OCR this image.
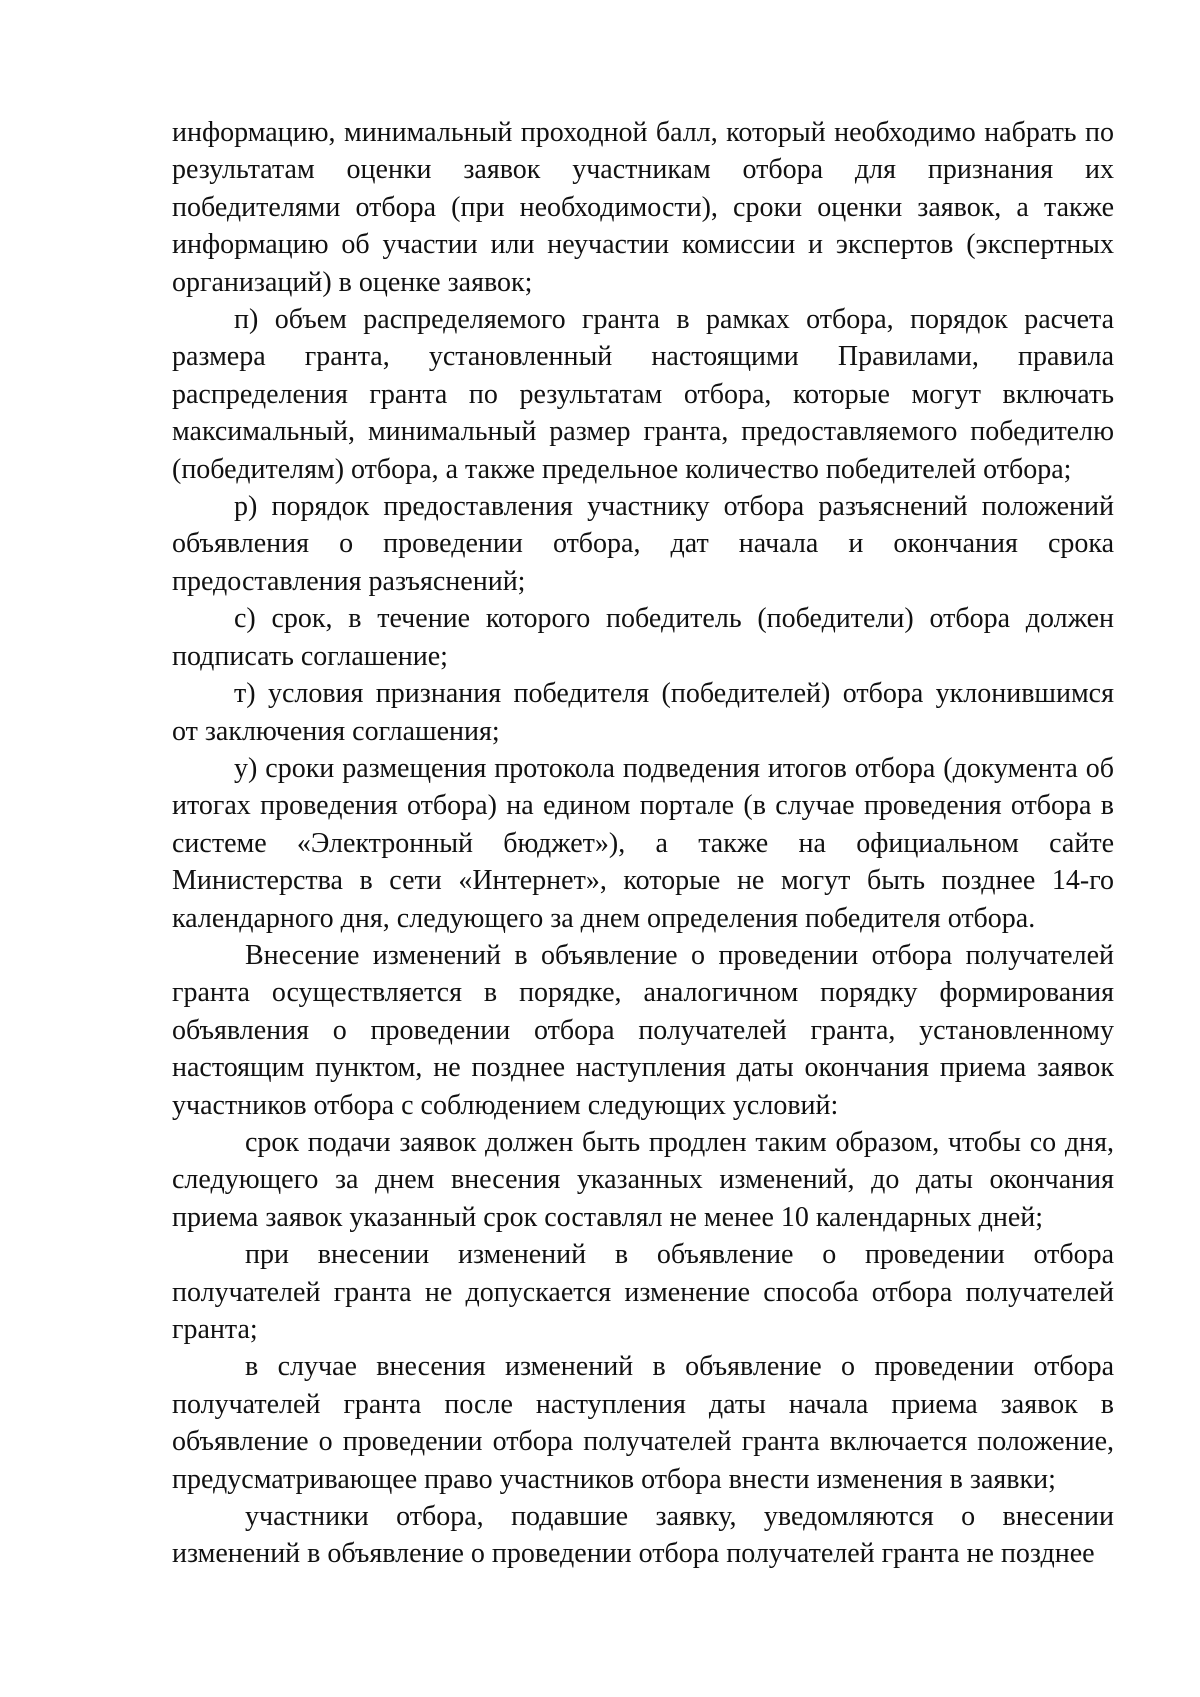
информацию, минимальный проходной балл, который необходимо набрать по результатам оценки заявок участникам отбора для признания их победителями отбора (при необходимости), сроки оценки заявок, а также информацию об участии или неучастии комиссии и экспертов (экспертных организаций) в оценке заявок;

п) объем распределяемого гранта в рамках отбора, порядок расчета размера гранта, установленный настоящими Правилами, правила распределения гранта по результатам отбора, которые могут включать максимальный, минимальный размер гранта, предоставляемого победителю (победителям) отбора, а также предельное количество победителей отбора;

р) порядок предоставления участнику отбора разъяснений положений объявления о проведении отбора, дат начала и окончания срока предоставления разъяснений;

с) срок, в течение которого победитель (победители) отбора должен подписать соглашение;

т) условия признания победителя (победителей) отбора уклонившимся от заключения соглашения;

у) сроки размещения протокола подведения итогов отбора (документа об итогах проведения отбора) на едином портале (в случае проведения отбора в системе «Электронный бюджет»), а также на официальном сайте Министерства в сети «Интернет», которые не могут быть позднее 14-го календарного дня, следующего за днем определения победителя отбора.

Внесение изменений в объявление о проведении отбора получателей гранта осуществляется в порядке, аналогичном порядку формирования объявления о проведении отбора получателей гранта, установленному настоящим пунктом, не позднее наступления даты окончания приема заявок участников отбора с соблюдением следующих условий:

срок подачи заявок должен быть продлен таким образом, чтобы со дня, следующего за днем внесения указанных изменений, до даты окончания приема заявок указанный срок составлял не менее 10 календарных дней;

при внесении изменений в объявление о проведении отбора получателей гранта не допускается изменение способа отбора получателей гранта;

в случае внесения изменений в объявление о проведении отбора получателей гранта после наступления даты начала приема заявок в объявление о проведении отбора получателей гранта включается положение, предусматривающее право участников отбора внести изменения в заявки;

участники отбора, подавшие заявку, уведомляются о внесении изменений в объявление о проведении отбора получателей гранта не позднее
